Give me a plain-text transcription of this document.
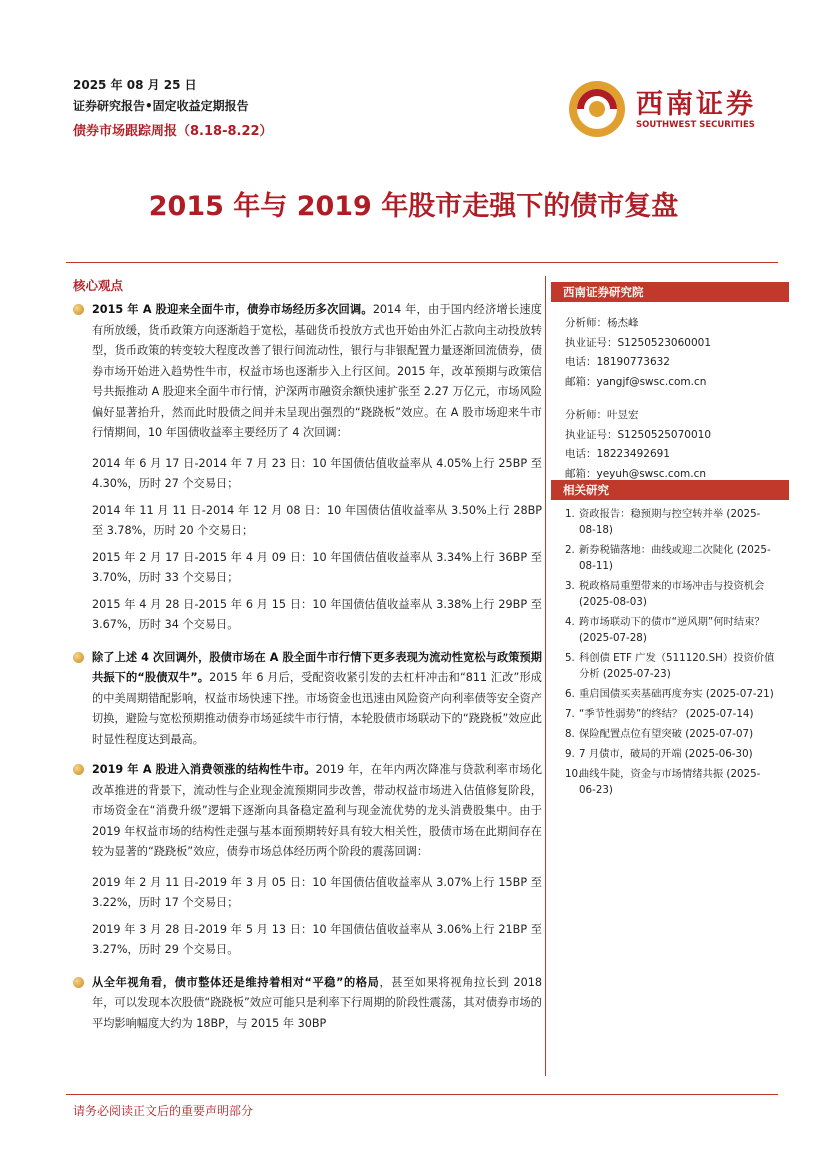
2025 年 08 月 25 日
证券研究报告•固定收益定期报告
债券市场跟踪周报（8.18-8.22）
西南证券
SOUTHWEST SECURITIES
2015 年与 2019 年股市走强下的债市复盘
核心观点
2015 年 A 股迎来全面牛市，债券市场经历多次回调。2014 年，由于国内经济增长速度有所放缓，货币政策方向逐渐趋于宽松，基础货币投放方式也开始由外汇占款向主动投放转型，货币政策的转变较大程度改善了银行间流动性，银行与非银配置力量逐渐回流债券，债券市场开始进入趋势性牛市，权益市场也逐渐步入上行区间。2015 年，改革预期与政策信号共振推动 A 股迎来全面牛市行情，沪深两市融资余额快速扩张至 2.27 万亿元，市场风险偏好显著抬升，然而此时股债之间并未呈现出强烈的“跷跷板”效应。在 A 股市场迎来牛市行情期间，10 年国债收益率主要经历了 4 次回调：
2014 年 6 月 17 日-2014 年 7 月 23 日：10 年国债估值收益率从 4.05%上行 25BP 至 4.30%，历时 27 个交易日；
2014 年 11 月 11 日-2014 年 12 月 08 日：10 年国债估值收益率从 3.50%上行 28BP 至 3.78%，历时 20 个交易日；
2015 年 2 月 17 日-2015 年 4 月 09 日：10 年国债估值收益率从 3.34%上行 36BP 至 3.70%，历时 33 个交易日；
2015 年 4 月 28 日-2015 年 6 月 15 日：10 年国债估值收益率从 3.38%上行 29BP 至 3.67%，历时 34 个交易日。
除了上述 4 次回调外，股债市场在 A 股全面牛市行情下更多表现为流动性宽松与政策预期共振下的“股债双牛”。2015 年 6 月后，受配资收紧引发的去杠杆冲击和“811 汇改”形成的中美周期错配影响，权益市场快速下挫。市场资金也迅速由风险资产向利率债等安全资产切换，避险与宽松预期推动债券市场延续牛市行情，本轮股债市场联动下的“跷跷板”效应此时显性程度达到最高。
2019 年 A 股进入消费领涨的结构性牛市。2019 年，在年内两次降准与贷款利率市场化改革推进的背景下，流动性与企业现金流预期同步改善，带动权益市场进入估值修复阶段，市场资金在“消费升级”逻辑下逐渐向具备稳定盈利与现金流优势的龙头消费股集中。由于 2019 年权益市场的结构性走强与基本面预期转好具有较大相关性，股债市场在此期间存在较为显著的“跷跷板”效应，债券市场总体经历两个阶段的震荡回调：
2019 年 2 月 11 日-2019 年 3 月 05 日：10 年国债估值收益率从 3.07%上行 15BP 至 3.22%，历时 17 个交易日；
2019 年 3 月 28 日-2019 年 5 月 13 日：10 年国债估值收益率从 3.06%上行 21BP 至 3.27%，历时 29 个交易日。
从全年视角看，债市整体还是维持着相对“平稳”的格局，甚至如果将视角拉长到 2018 年，可以发现本次股债“跷跷板”效应可能只是利率下行周期的阶段性震荡，其对债券市场的平均影响幅度大约为 18BP，与 2015 年 30BP
西南证券研究院
分析师：杨杰峰
执业证号：S1250523060001
电话：18190773632
邮箱：yangjf@swsc.com.cn
分析师：叶昱宏
执业证号：S1250525070010
电话：18223492691
邮箱：yeyuh@swsc.com.cn
相关研究
1. 资政报告：稳预期与控空转并举 (2025-08-18)
2. 新券税锚落地：曲线或迎二次陡化 (2025-08-11)
3. 税政格局重塑带来的市场冲击与投资机会 (2025-08-03)
4. 跨市场联动下的债市“逆风期”何时结束？ (2025-07-28)
5. 科创债 ETF 广发（511120.SH）投资价值分析 (2025-07-23)
6. 重启国债买卖基础再度夯实 (2025-07-21)
7. “季节性弱势”的终结？ (2025-07-14)
8. 保险配置点位有望突破 (2025-07-07)
9. 7 月债市，破局的开端 (2025-06-30)
10.
曲线牛陡，资金与市场情绪共振 (2025-06-23)
请务必阅读正文后的重要声明部分
